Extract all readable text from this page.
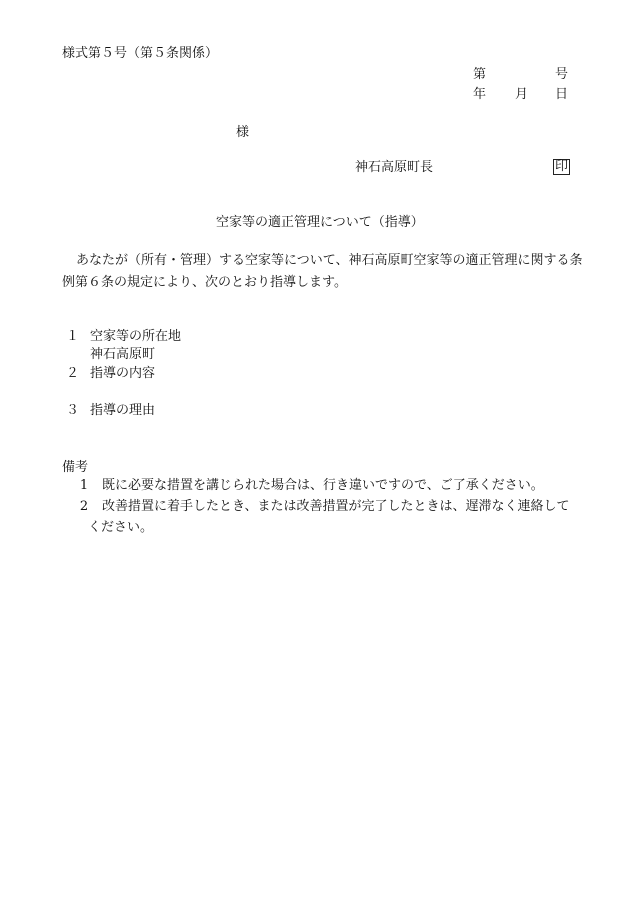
様式第５号（第５条関係）
第	号
年 月 日
様
神石高原町長	印
空家等の適正管理について（指導）
あなたが（所有・管理）する空家等について、神石高原町空家等の適正管理に関する条例第６条の規定により、次のとおり指導します。
１ 空家等の所在地
神石高原町
２ 指導の内容
３ 指導の理由
備考
1 既に必要な措置を講じられた場合は、行き違いですので、ご了承ください。
2 改善措置に着手したとき、または改善措置が完了したときは、遅滞なく連絡して
ください。
